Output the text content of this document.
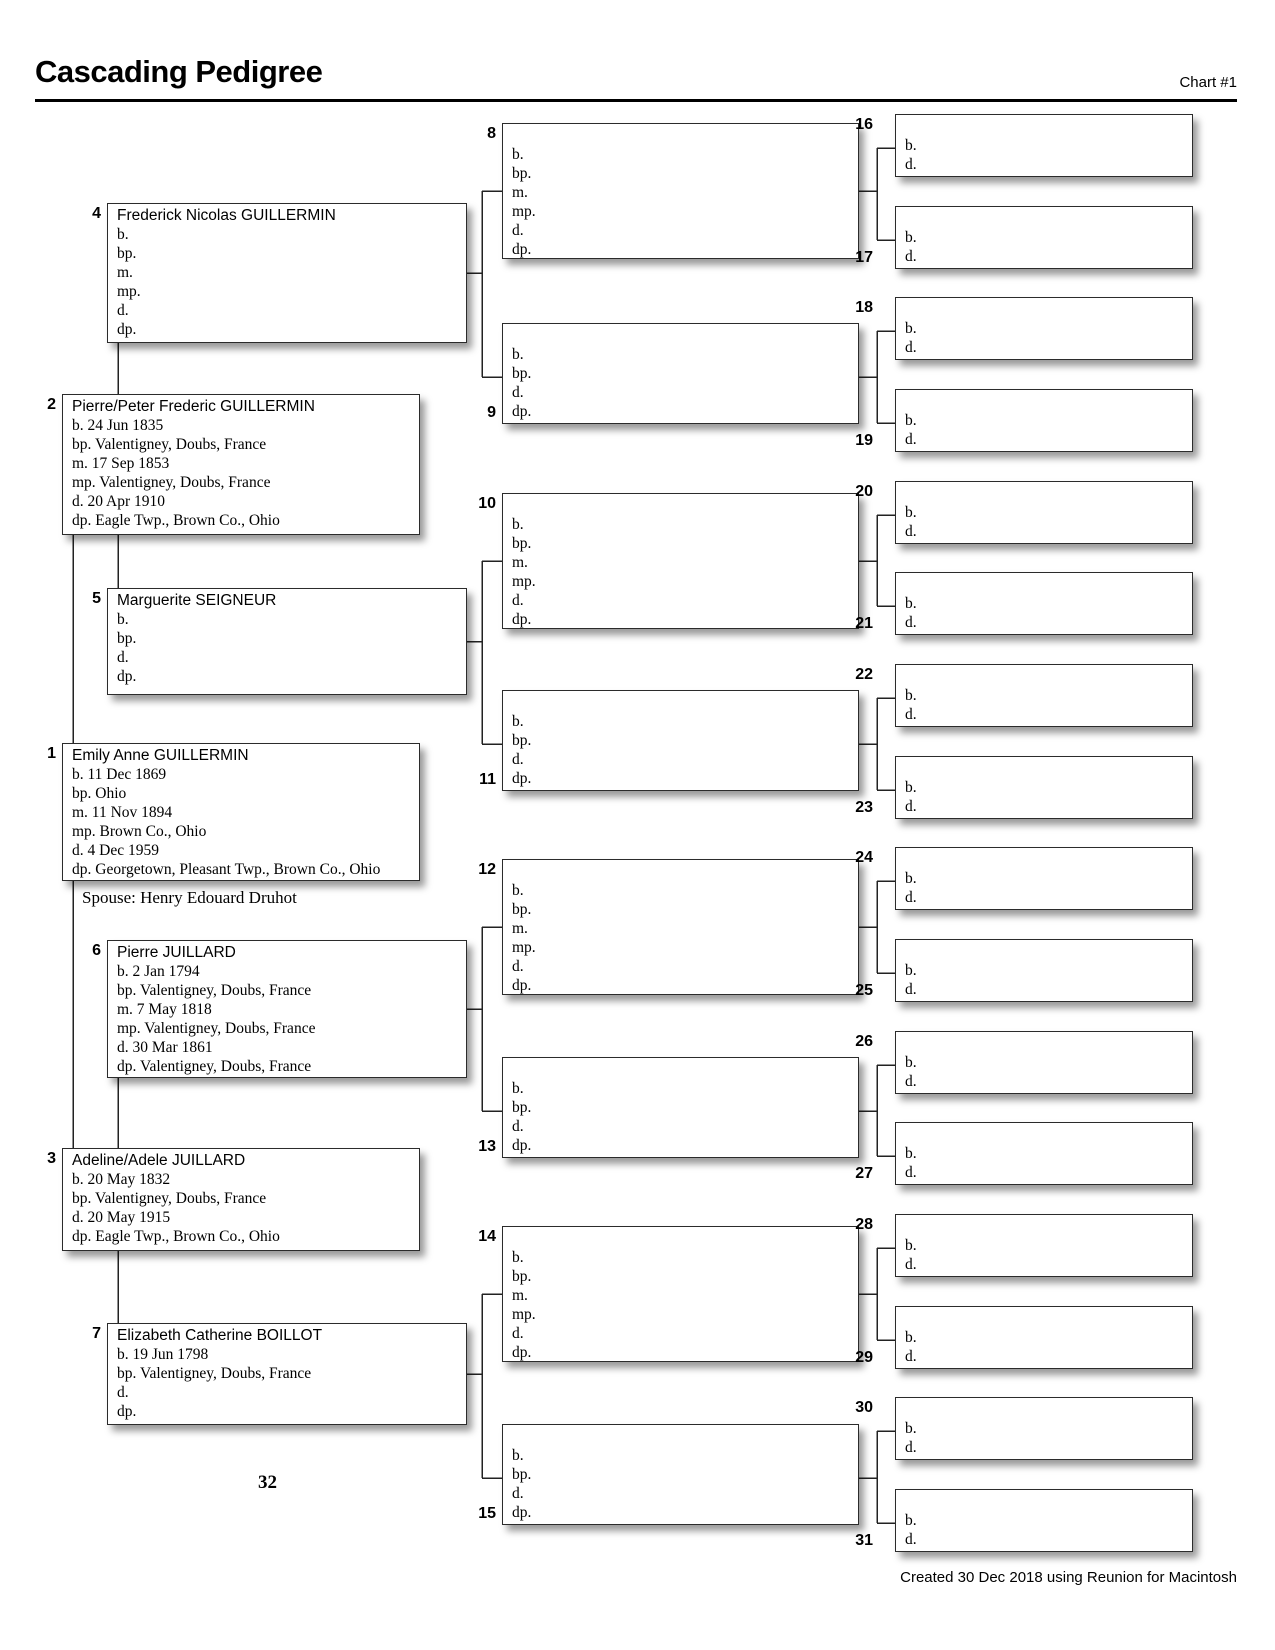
Cascading Pedigree	Chart #1
Emily Anne GUILLERMIN
b. 11 Dec 1869
bp. Ohio
m. 11 Nov 1894
mp. Brown Co., Ohio
d. 4 Dec 1959
dp. Georgetown, Pleasant Twp., Brown Co., Ohio
1
Pierre/Peter Frederic GUILLERMIN
b. 24 Jun 1835
bp. Valentigney, Doubs, France
m. 17 Sep 1853
mp. Valentigney, Doubs, France
d. 20 Apr 1910
dp. Eagle Twp., Brown Co., Ohio
2
Adeline/Adele JUILLARD
b. 20 May 1832
bp. Valentigney, Doubs, France
d. 20 May 1915
dp. Eagle Twp., Brown Co., Ohio
3
Frederick Nicolas GUILLERMIN
b.
bp.
m.
mp.
d.
dp.
4
Marguerite SEIGNEUR
b.
bp.
d.
dp.
5
Pierre JUILLARD
b. 2 Jan 1794
bp. Valentigney, Doubs, France
m. 7 May 1818
mp. Valentigney, Doubs, France
d. 30 Mar 1861
dp. Valentigney, Doubs, France
6
Elizabeth Catherine BOILLOT
b. 19 Jun 1798
bp. Valentigney, Doubs, France
d.
dp.
7
b.
bp.
m.
mp.
d.
dp.
8
b.
bp.
d.
dp.
9
b.
bp.
m.
mp.
d.
dp.
10
b.
bp.
d.
dp.
11
b.
bp.
m.
mp.
d.
dp.
12
b.
bp.
d.
dp.
13
b.
bp.
m.
mp.
d.
dp.
14
b.
bp.
d.
dp.
15
b.
d.
16
b.
d.
17
b.
d.
18
b.
d.
19
b.
d.
20
b.
d.
21
b.
d.
22
b.
d.
23
b.
d.
24
b.
d.
25
b.
d.
26
b.
d.
27
b.
d.
28
b.
d.
29
b.
d.
30
b.
d.
31
Spouse: Henry Edouard Druhot
32
Created 30 Dec 2018 using Reunion for Macintosh
